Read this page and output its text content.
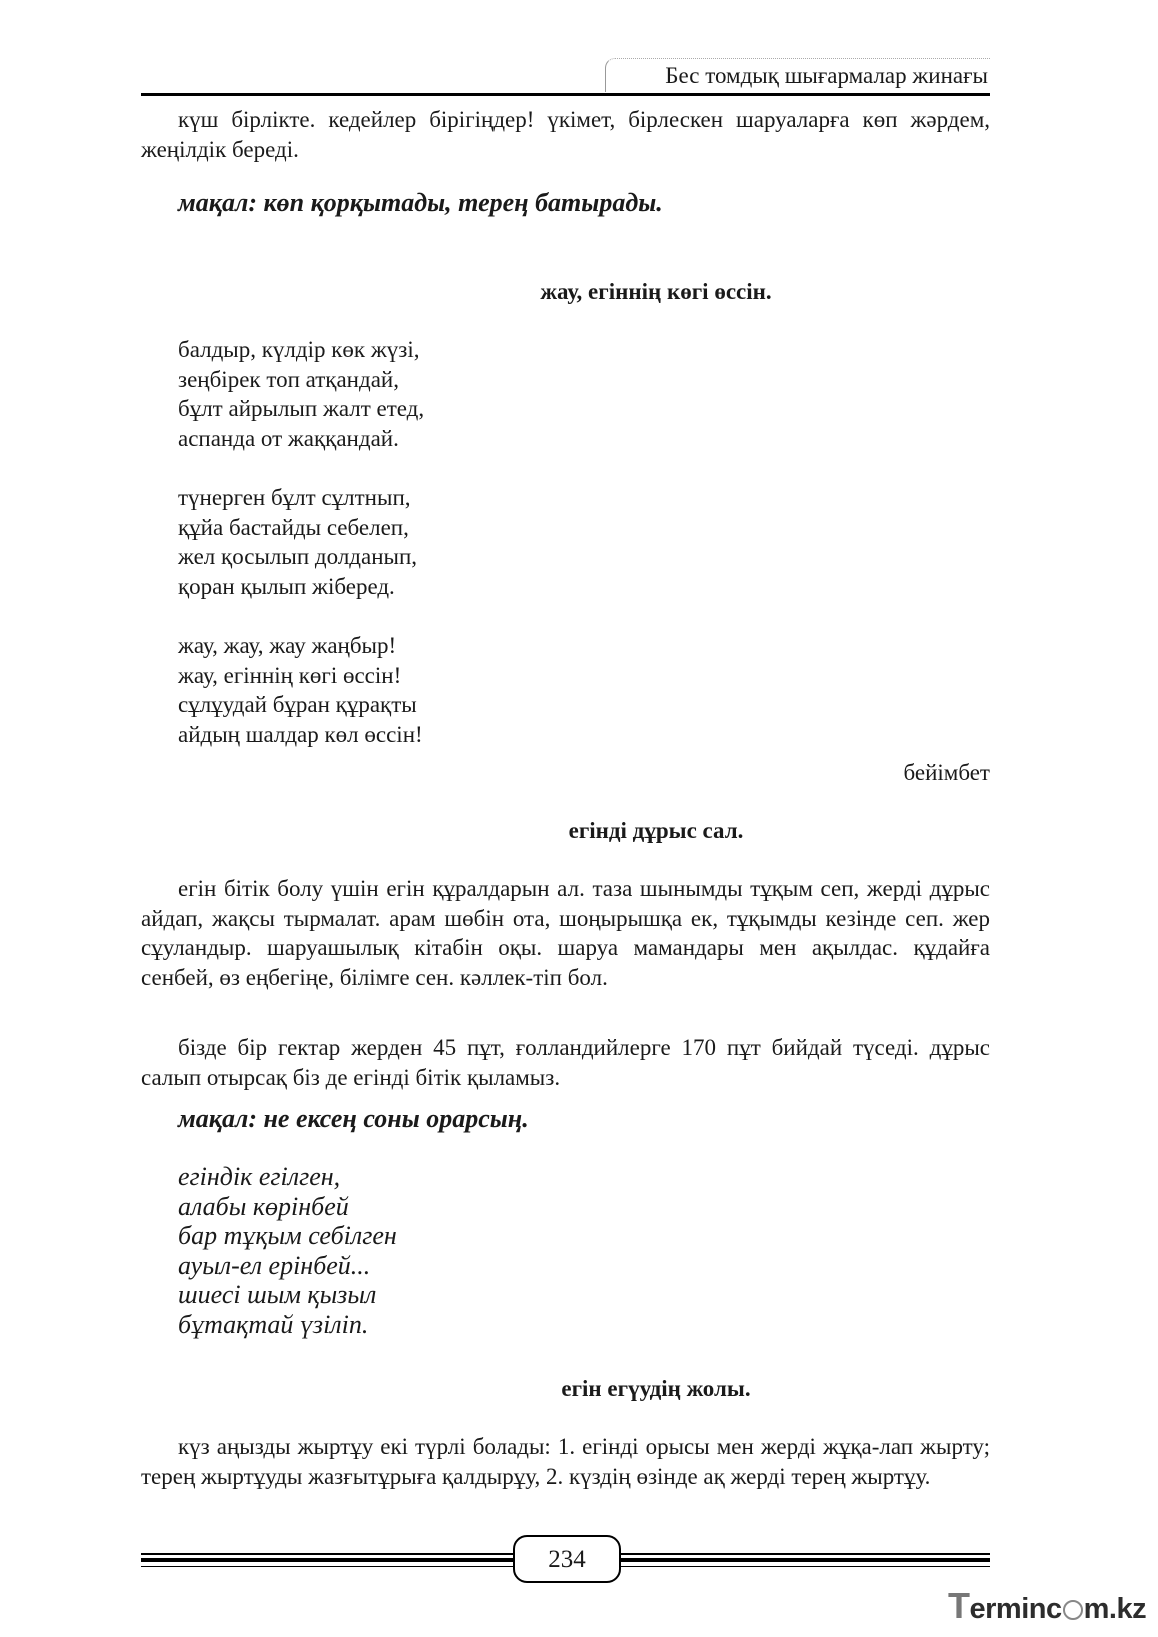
Бес томдық шығармалар жинағы

күш бірлікте. кедейлер бірігіңдер! үкімет, бірлескен шаруаларға көп жәрдем, жеңілдік береді.

мақал: көп қорқытады, терең батырады.

жау, егіннің көгі өссін.

балдыр, күлдір көк жүзі,
зеңбірек топ атқандай,
бұлт айрылып жалт етед,
аспанда от жаққандай.
түнерген бұлт сұлтнып,
құйа бастайды себелеп,
жел қосылып долданып,
қоран қылып жіберед.
жау, жау, жау жаңбыр!
жау, егіннің көгі өссін!
сұлұудай бұран құрақты
айдың шалдар көл өссін!

бейімбет

егінді дұрыс сал.

егін бітік болу үшін егін құралдарын ал. таза шынымды тұқым сеп, жерді дұрыс айдап, жақсы тырмалат. арам шөбін ота, шоңырышқа ек, тұқымды кезінде сеп. жер сұуландыр. шаруашылық кітабін оқы. шаруа мамандары мен ақылдас. құдайға сенбей, өз еңбегіңе, білімге сен. кәллек-тіп бол.

бізде бір гектар жерден 45 пұт, ғолландийлерге 170 пұт бийдай түседі. дұрыс салып отырсақ біз де егінді бітік қыламыз.

мақал: не ексең соны орарсың.

егіндік егілген,
алабы көрінбей
бар тұқым себілген
ауыл-ел ерінбей...
шиесі шым қызыл
бұтақтай үзіліп.

егін егүудің жолы.

күз аңызды жыртұу екі түрлі болады: 1. егінді орысы мен жерді жұқа-лап жырту; терең жыртұуды жазғытұрыға қалдырұу, 2. күздің өзінде ақ жерді терең жыртұу.

234
Terminc m.kz
